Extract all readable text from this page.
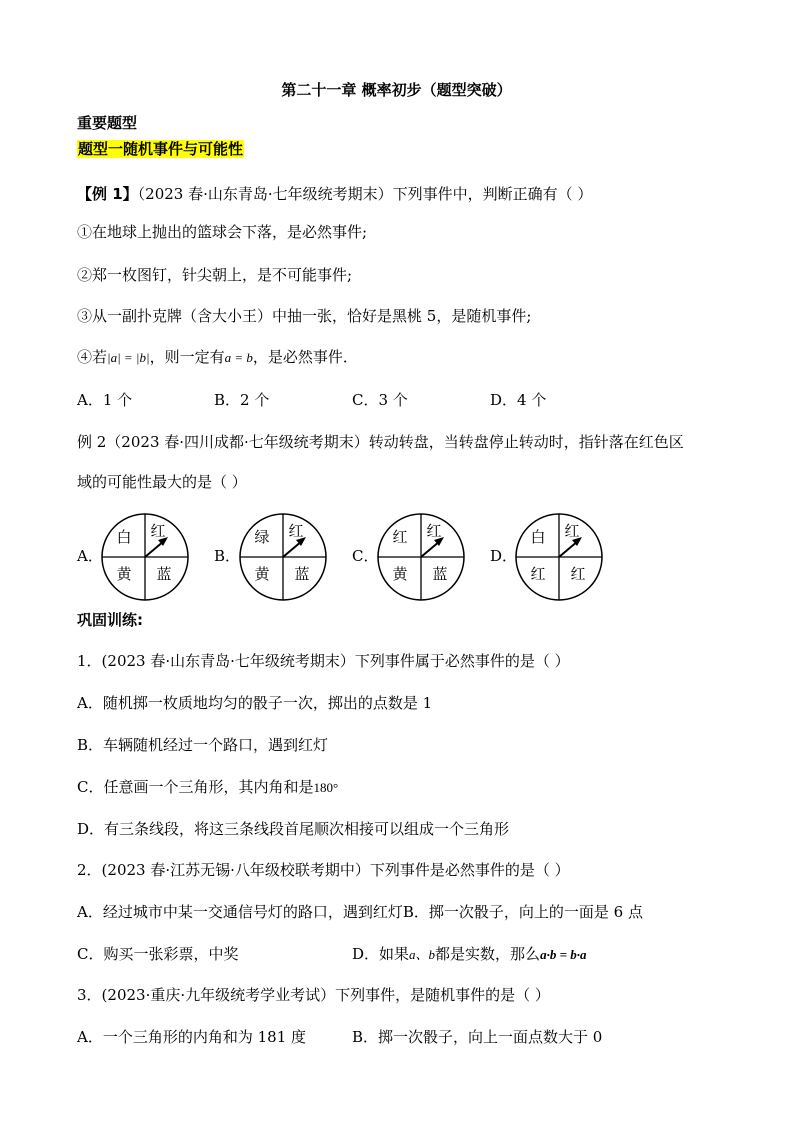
第二十一章 概率初步（题型突破）
重要题型
题型一随机事件与可能性
【例 1】（2023 春·山东青岛·七年级统考期末）下列事件中，判断正确有（ ）
①在地球上抛出的篮球会下落，是必然事件;
②郑一枚图钉，针尖朝上，是不可能事件;
③从一副扑克牌（含大小王）中抽一张，恰好是黑桃 5，是随机事件;
④若|a| = |b|，则一定有a = b，是必然事件．
A．1 个	B．2 个	C．3 个	D．4 个
例 2（2023 春·四川成都·七年级统考期末）转动转盘，当转盘停止转动时，指针落在红色区
域的可能性最大的是（ ）
A．
白 红
黄 蓝
B．
绿 红
黄 蓝
C．
红 红
黄 蓝
D．
白 红
红 红
巩固训练:
1．(2023 春·山东青岛·七年级统考期末）下列事件属于必然事件的是（ ）
A．随机掷一枚质地均匀的骰子一次，掷出的点数是 1
B．车辆随机经过一个路口，遇到红灯
C．任意画一个三角形，其内角和是180°
D．有三条线段，将这三条线段首尾顺次相接可以组成一个三角形
2．(2023 春·江苏无锡·八年级校联考期中）下列事件是必然事件的是（ ）
A．经过城市中某一交通信号灯的路口，遇到红灯B．掷一次骰子，向上的一面是 6 点
C．购买一张彩票，中奖	D．如果a、b都是实数，那么a·b = b·a
3．(2023·重庆·九年级统考学业考试）下列事件，是随机事件的是（ ）
A．一个三角形的内角和为 181 度	B．掷一次骰子，向上一面点数大于 0
